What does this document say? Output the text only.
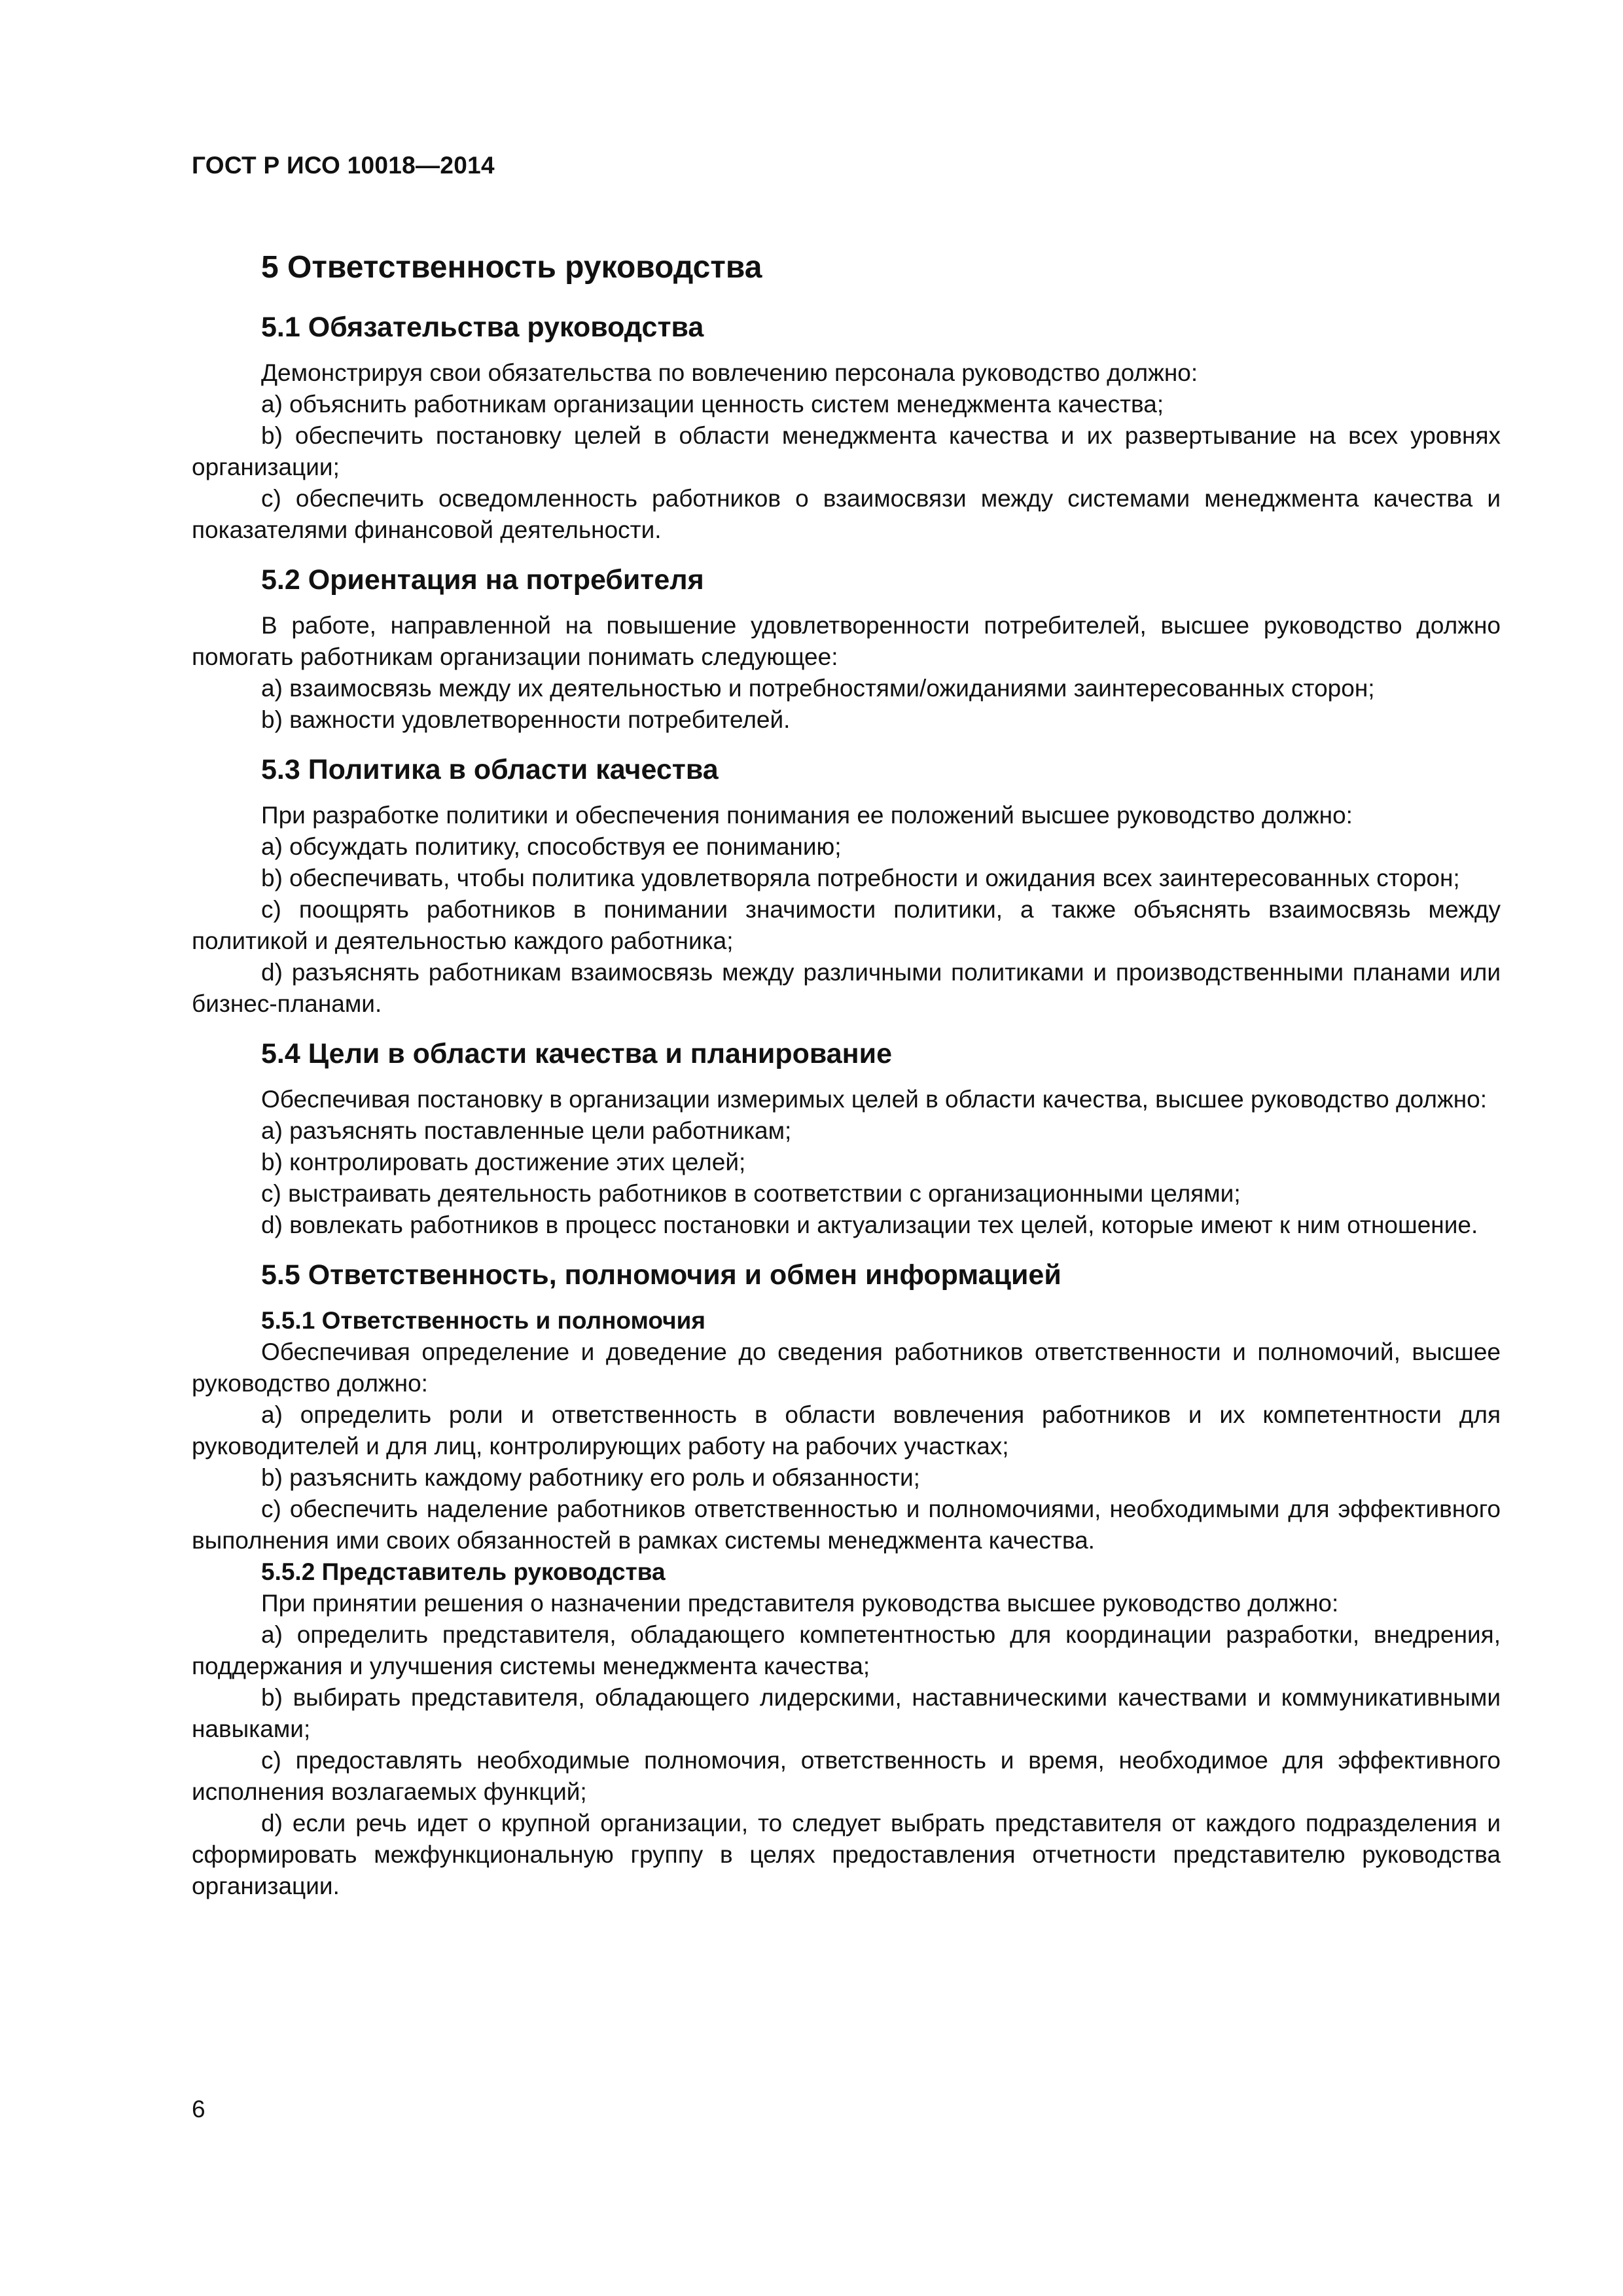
ГОСТ Р ИСО 10018—2014
5 Ответственность руководства
5.1 Обязательства руководства

Демонстрируя свои обязательства по вовлечению персонала руководство должно:

a) объяснить работникам организации ценность систем менеджмента качества;

b) обеспечить постановку целей в области менеджмента качества и их развертывание на всех уровнях организации;

c) обеспечить осведомленность работников о взаимосвязи между системами менеджмента качества и показателями финансовой деятельности.

5.2 Ориентация на потребителя

В работе, направленной на повышение удовлетворенности потребителей, высшее руководство должно помогать работникам организации понимать следующее:

a) взаимосвязь между их деятельностью и потребностями/ожиданиями заинтересованных сторон;

b) важности удовлетворенности потребителей.

5.3 Политика в области качества

При разработке политики и обеспечения понимания ее положений высшее руководство должно:

a) обсуждать политику, способствуя ее пониманию;

b) обеспечивать, чтобы политика удовлетворяла потребности и ожидания всех заинтересованных сторон;

c) поощрять работников в понимании значимости политики, а также объяснять взаимосвязь между политикой и деятельностью каждого работника;

d) разъяснять работникам взаимосвязь между различными политиками и производственными планами или бизнес-планами.

5.4 Цели в области качества и планирование

Обеспечивая постановку в организации измеримых целей в области качества, высшее руководство должно:

a) разъяснять поставленные цели работникам;

b) контролировать достижение этих целей;

c) выстраивать деятельность работников в соответствии с организационными целями;

d) вовлекать работников в процесс постановки и актуализации тех целей, которые имеют к ним отношение.

5.5 Ответственность, полномочия и обмен информацией
5.5.1 Ответственность и полномочия

Обеспечивая определение и доведение до сведения работников ответственности и полномочий, высшее руководство должно:

a) определить роли и ответственность в области вовлечения работников и их компетентности для руководителей и для лиц, контролирующих работу на рабочих участках;

b) разъяснить каждому работнику его роль и обязанности;

c) обеспечить наделение работников ответственностью и полномочиями, необходимыми для эффективного выполнения ими своих обязанностей в рамках системы менеджмента качества.

5.5.2 Представитель руководства

При принятии решения о назначении представителя руководства высшее руководство должно:

a) определить представителя, обладающего компетентностью для координации разработки, внедрения, поддержания и улучшения системы менеджмента качества;

b) выбирать представителя, обладающего лидерскими, наставническими качествами и коммуникативными навыками;

c) предоставлять необходимые полномочия, ответственность и время, необходимое для эффективного исполнения возлагаемых функций;

d) если речь идет о крупной организации, то следует выбрать представителя от каждого подразделения и сформировать межфункциональную группу в целях предоставления отчетности представителю руководства организации.

6
